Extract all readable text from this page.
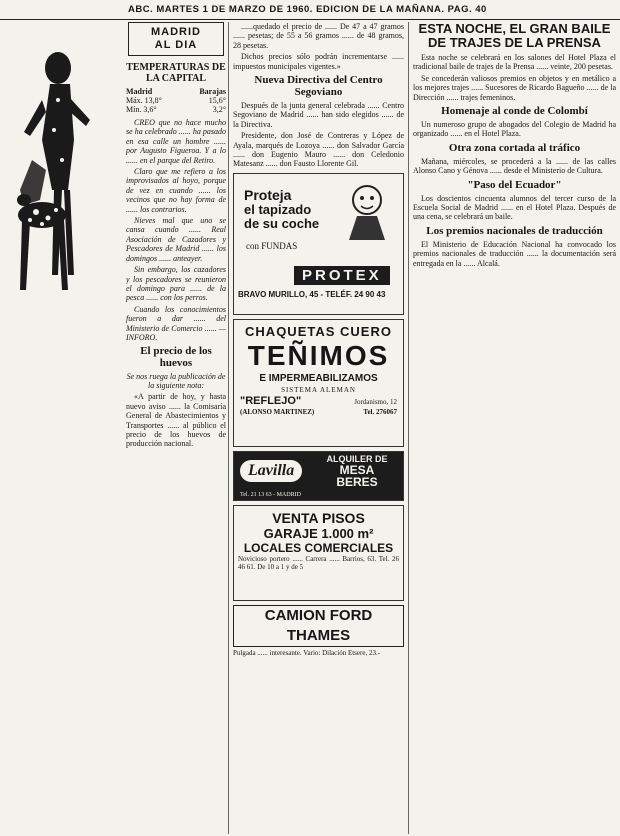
ABC. MARTES 1 DE MARZO DE 1960. EDICION DE LA MAÑANA. PAG. 40
MADRID
AL DIA
TEMPERATURAS DE LA CAPITAL
Madrid	Barajas
Máx. 13,8°	15,6°
Mín. 3,6°	3,2°

CREO que no hace mucho se ha celebrado ...... ha pasado en esa calle un hombre ...... por Augusto Figueroa. Y a lo ...... en el parque del Retiro.

Claro que me refiero a los improvisados al hoyo, porque de vez en cuando ...... los vecinos que no hay forma de ...... los contrarios.

Nieves mal que uno se cansa cuando ...... Real Asociación de Cazadores y Pescadores de Madrid ...... los domingos ...... anteayer.

Sin embargo, los cazadores y los pescadores se reunieron el domingo para ...... de la pesca ...... con los perros.

Cuando los conocimientos fueron a dar ...... del Ministerio de Comercio ...... —INFORO.

El precio de los huevos
Se nos ruega la publicación de la siguiente nota:

«A partir de hoy, y hasta nuevo aviso ...... la Comisaría General de Abastecimientos y Transportes ...... al público el precio de los huevos de producción nacional.

......quedado el precio de ...... De 47 a 47 gramos ...... pesetas; de 55 a 56 gramos ...... de 48 gramos, 28 pesetas.

Dichos precios sólo podrán incrementarse ...... impuestos municipales vigentes.»

Nueva Directiva del Centro Segoviano

Después de la junta general celebrada ...... Centro Segoviano de Madrid ...... han sido elegidos ...... de la Directiva.

Presidente, don José de Contreras y López de Ayala, marqués de Lozoya ...... don Salvador García ...... don Eugenio Mauro ...... don Celedonio Matesanz ...... don Fausto Llorente Gil.

Proteja
el tapizado
de su coche
con FUNDAS
PROTEX
BRAVO MURILLO, 45 - TELÉF. 24 90 43
CHAQUETAS CUERO
TEÑIMOS
E IMPERMEABILIZAMOS
SISTEMA ALEMAN
"REFLEJO"	Jordanismo, 12
(ALONSO MARTINEZ)	Tel. 276067
Lavilla
ALQUILER DE
MESA
BERES
Tel. 21 13 63 - MADRID
VENTA PISOS
GARAJE 1.000 m²
LOCALES COMERCIALES
Novicioso portero ...... Carrera ...... Barrios, 63. Tel. 26 46 61. De 10 a 1 y de 5
CAMION FORD THAMES
Pulgada ...... interesante. Vario: Dilación Etsere, 23.-
ESTA NOCHE, EL GRAN BAILE DE TRAJES DE LA PRENSA

Esta noche se celebrará en los salones del Hotel Plaza el tradicional baile de trajes de la Prensa ...... veinte, 200 pesetas.

Se concederán valiosos premios en objetos y en metálico a los mejores trajes ...... Sucesores de Ricardo Bagueño ...... de la Dirección ...... trajes femeninos.

Homenaje al conde de Colombí

Un numeroso grupo de abogados del Colegio de Madrid ha organizado ...... en el Hotel Plaza.

Otra zona cortada al tráfico

Mañana, miércoles, se procederá a la ...... de las calles Alonso Cano y Génova ...... desde el Ministerio de Cultura.

"Paso del Ecuador"

Los doscientos cincuenta alumnos del tercer curso de la Escuela Social de Madrid ...... en el Hotel Plaza. Después de una cena, se celebrará un baile.

Los premios nacionales de traducción

El Ministerio de Educación Nacional ha convocado los premios nacionales de traducción ...... la documentación será entregada en la ...... Alcalá.
